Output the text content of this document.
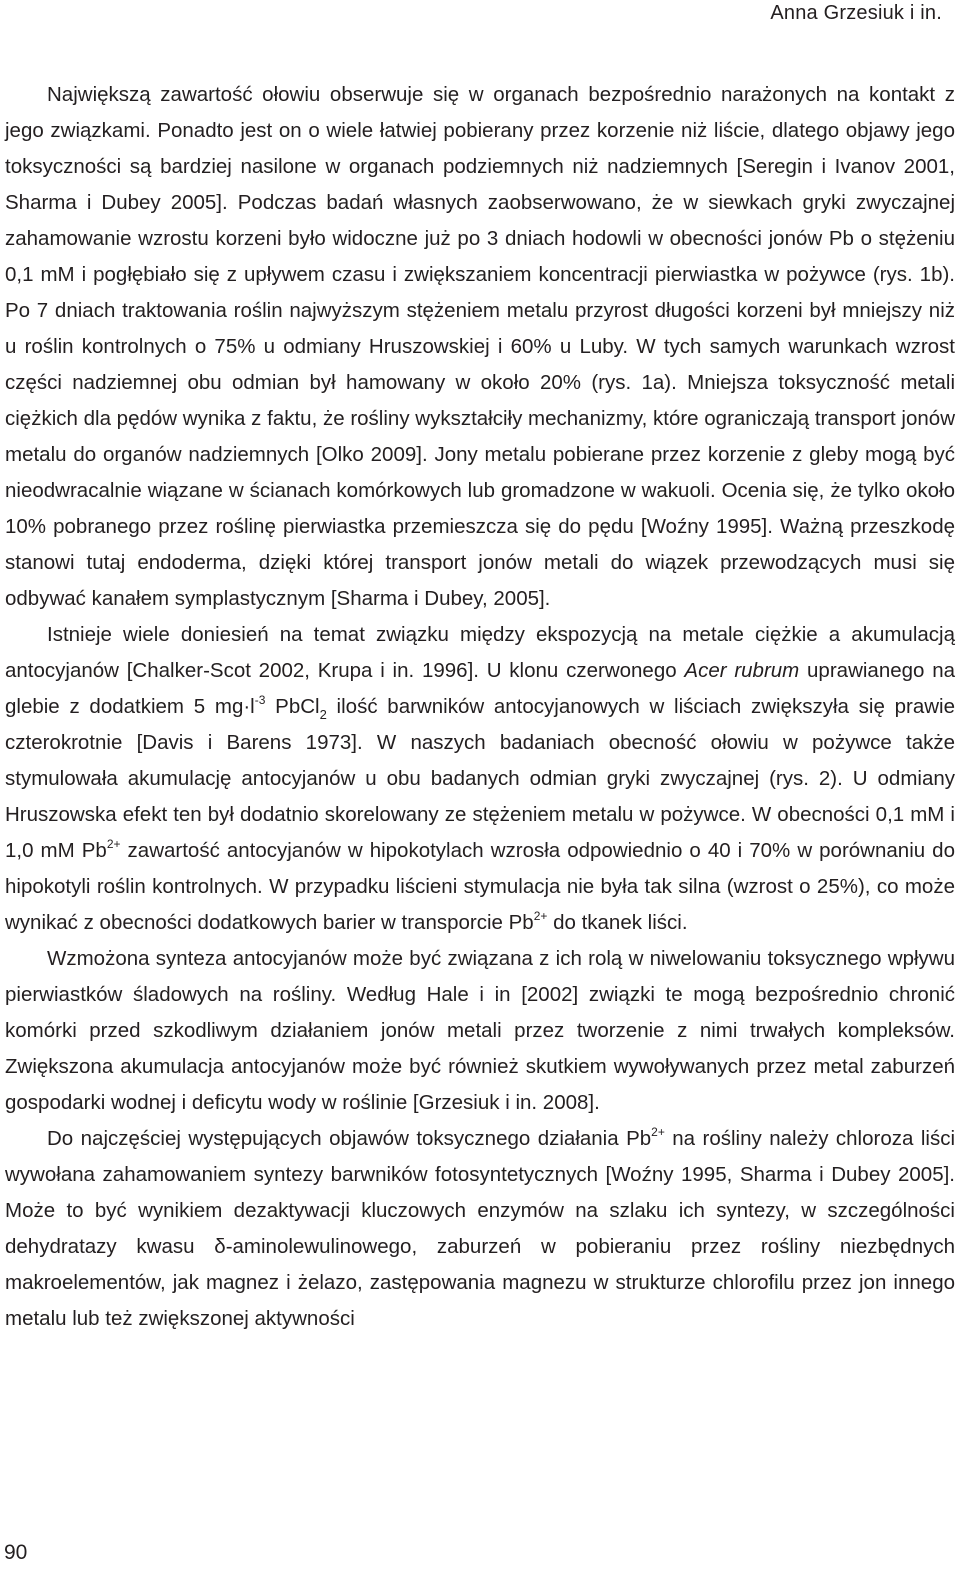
Anna Grzesiuk i in.

Największą zawartość ołowiu obserwuje się w organach bezpośrednio narażonych na kontakt z jego związkami. Ponadto jest on o wiele łatwiej pobierany przez korzenie niż liście, dlatego objawy jego toksyczności są bardziej nasilone w organach podziemnych niż nadziemnych [Seregin i Ivanov 2001, Sharma i Dubey 2005]. Podczas badań własnych zaobserwowano, że w siewkach gryki zwyczajnej zahamowanie wzrostu korzeni było widoczne już po 3 dniach hodowli w obecności jonów Pb o stężeniu 0,1 mM i pogłębiało się z upływem czasu i zwiększaniem koncentracji pierwiastka w pożywce (rys. 1b). Po 7 dniach traktowania roślin najwyższym stężeniem metalu przyrost długości korzeni był mniejszy niż u roślin kontrolnych o 75% u odmiany Hruszowskiej i 60% u Luby. W tych samych warunkach wzrost części nadziemnej obu odmian był hamowany w około 20% (rys. 1a). Mniejsza toksyczność metali ciężkich dla pędów wynika z faktu, że rośliny wykształciły mechanizmy, które ograniczają transport jonów metalu do organów nadziemnych [Olko 2009]. Jony metalu pobierane przez korzenie z gleby mogą być nieodwracalnie wiązane w ścianach komórkowych lub gromadzone w wakuoli. Ocenia się, że tylko około 10% pobranego przez roślinę pierwiastka przemieszcza się do pędu [Woźny 1995]. Ważną przeszkodę stanowi tutaj endoderma, dzięki której transport jonów metali do wiązek przewodzących musi się odbywać kanałem symplastycznym [Sharma i Dubey, 2005].

Istnieje wiele doniesień na temat związku między ekspozycją na metale ciężkie a akumulacją antocyjanów [Chalker-Scot 2002, Krupa i in. 1996]. U klonu czerwonego Acer rubrum uprawianego na glebie z dodatkiem 5 $mg\cdot l^{-3}$ PbCl$_2$ ilość barwników antocyjanowych w liściach zwiększyła się prawie czterokrotnie [Davis i Barens 1973]. W naszych badaniach obecność ołowiu w pożywce także stymulowała akumulację antocyjanów u obu badanych odmian gryki zwyczajnej (rys. 2). U odmiany Hruszowska efekt ten był dodatnio skorelowany ze stężeniem metalu w pożywce. W obecności 0,1 mM i 1,0 mM $Pb^{2+}$ zawartość antocyjanów w hipokotylach wzrosła odpowiednio o 40 i 70% w porównaniu do hipokotyli roślin kontrolnych. W przypadku liścieni stymulacja nie była tak silna (wzrost o 25%), co może wynikać z obecności dodatkowych barier w transporcie $Pb^{2+}$ do tkanek liści.

Wzmożona synteza antocyjanów może być związana z ich rolą w niwelowaniu toksycznego wpływu pierwiastków śladowych na rośliny. Według Hale i in [2002] związki te mogą bezpośrednio chronić komórki przed szkodliwym działaniem jonów metali przez tworzenie z nimi trwałych kompleksów. Zwiększona akumulacja antocyjanów może być również skutkiem wywoływanych przez metal zaburzeń gospodarki wodnej i deficytu wody w roślinie [Grzesiuk i in. 2008].

Do najczęściej występujących objawów toksycznego działania $Pb^{2+}$ na rośliny należy chloroza liści wywołana zahamowaniem syntezy barwników fotosyntetycznych [Woźny 1995, Sharma i Dubey 2005]. Może to być wynikiem dezaktywacji kluczowych enzymów na szlaku ich syntezy, w szczególności dehydratazy kwasu δ-aminolewulinowego, zaburzeń w pobieraniu przez rośliny niezbędnych makroelementów, jak magnez i żelazo, zastępowania magnezu w strukturze chlorofilu przez jon innego metalu lub też zwiększonej aktywności

90
